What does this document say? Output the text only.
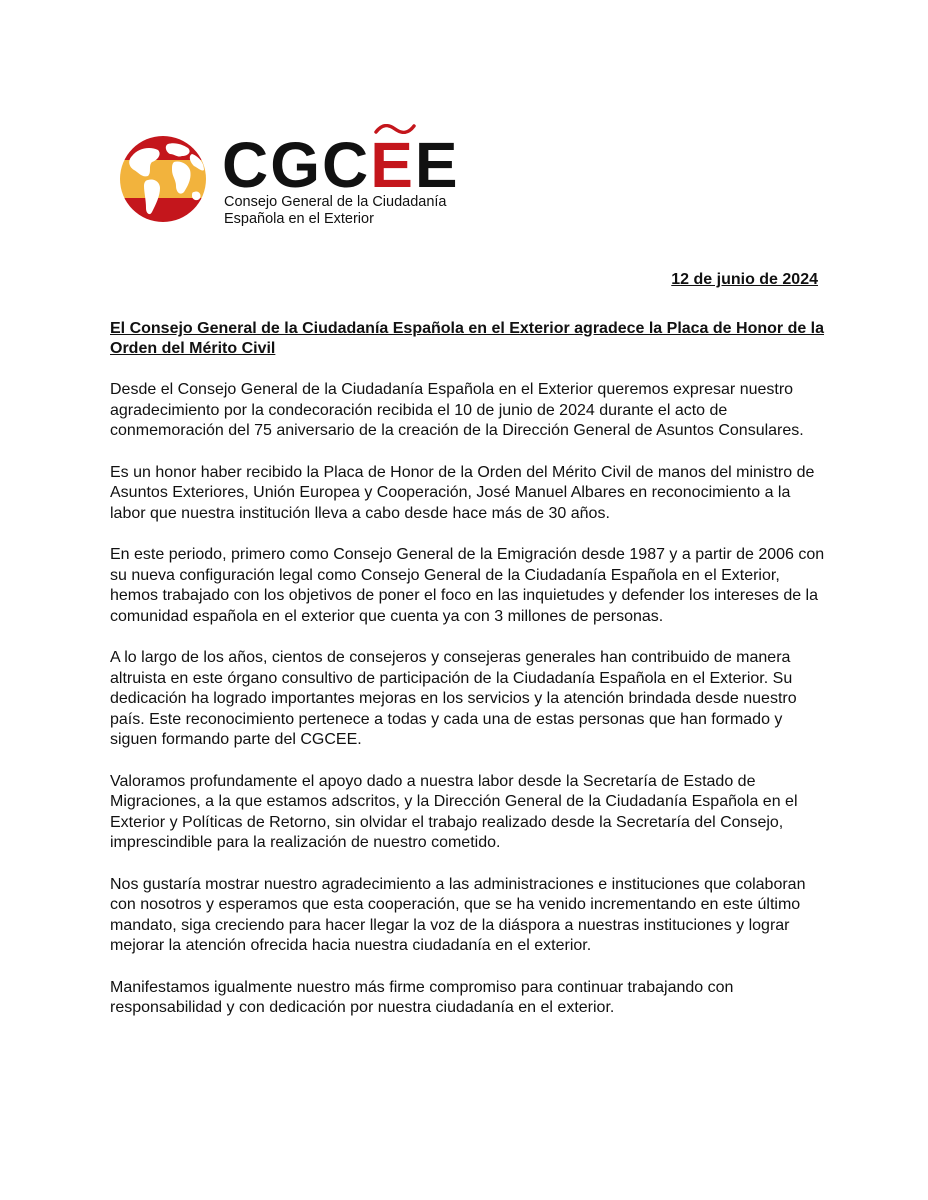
CGC
EE
Consejo General de la Ciudadanía
Española en el Exterior
12 de junio de 2024

El Consejo General de la Ciudadanía Española en el Exterior agradece la Placa de Honor de la Orden del Mérito Civil

Desde el Consejo General de la Ciudadanía Española en el Exterior queremos expresar nuestro agradecimiento por la condecoración recibida el 10 de junio de 2024 durante el acto de conmemoración del 75 aniversario de la creación de la Dirección General de Asuntos Consulares.

Es un honor haber recibido la Placa de Honor de la Orden del Mérito Civil de manos del ministro de Asuntos Exteriores, Unión Europea y Cooperación, José Manuel Albares en reconocimiento a la labor que nuestra institución lleva a cabo desde hace más de 30 años.

En este periodo, primero como Consejo General de la Emigración desde 1987 y a partir de 2006 con su nueva configuración legal como Consejo General de la Ciudadanía Española en el Exterior, hemos trabajado con los objetivos de poner el foco en las inquietudes y defender los intereses de la comunidad española en el exterior que cuenta ya con 3 millones de personas.

A lo largo de los años, cientos de consejeros y consejeras generales han contribuido de manera altruista en este órgano consultivo de participación de la Ciudadanía Española en el Exterior. Su dedicación ha logrado importantes mejoras en los servicios y la atención brindada desde nuestro país. Este reconocimiento pertenece a todas y cada una de estas personas que han formado y siguen formando parte del CGCEE.

Valoramos profundamente el apoyo dado a nuestra labor desde la Secretaría de Estado de Migraciones, a la que estamos adscritos, y la Dirección General de la Ciudadanía Española en el Exterior y Políticas de Retorno, sin olvidar el trabajo realizado desde la Secretaría del Consejo, imprescindible para la realización de nuestro cometido.

Nos gustaría mostrar nuestro agradecimiento a las administraciones e instituciones que colaboran con nosotros y esperamos que esta cooperación, que se ha venido incrementando en este último mandato, siga creciendo para hacer llegar la voz de la diáspora a nuestras instituciones y lograr mejorar la atención ofrecida hacia nuestra ciudadanía en el exterior.

Manifestamos igualmente nuestro más firme compromiso para continuar trabajando con responsabilidad y con dedicación por nuestra ciudadanía en el exterior.
